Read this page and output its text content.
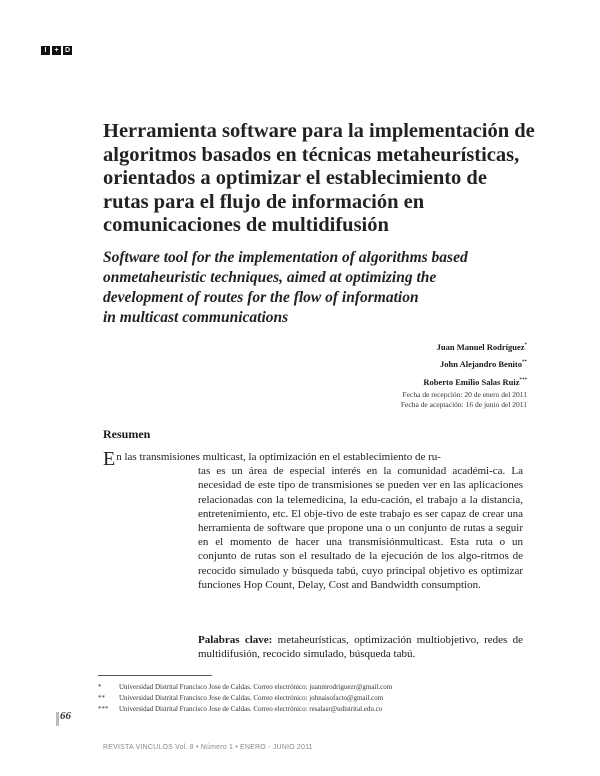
I	+ D
Herramienta software para la implementación de
algoritmos basados en técnicas metaheurísticas,
orientados a optimizar el establecimiento de
rutas para el flujo de información en
comunicaciones de multidifusión
Software tool for the implementation of algorithms based
onmetaheuristic techniques, aimed at optimizing the
development of routes for the flow of information
in multicast communications
Juan Manuel Rodríguez*
John Alejandro Benito**
Roberto Emilio Salas Ruiz***
Fecha de recepción: 20 de enero del 2011
Fecha de aceptación: 16 de junio del 2011
Resumen
En las transmisiones multicast, la optimización en el establecimiento de ru-
tas es un área de especial interés en la comunidad académi-ca. La necesidad de este tipo de transmisiones se pueden ver en las aplicaciones relacionadas con la telemedicina, la edu-cación, el trabajo a la distancia, entretenimiento, etc. El obje-tivo de este trabajo es ser capaz de crear una herramienta de software que propone una o un conjunto de rutas a seguir en el momento de hacer una transmisiónmulticast. Esta ruta o un conjunto de rutas son el resultado de la ejecución de los algo-ritmos de recocido simulado y búsqueda tabú, cuyo principal objetivo es optimizar funciones Hop Count, Delay, Cost and Bandwidth consumption.
Palabras clave: metaheurísticas, optimización multiobjetivo, redes de multidifusión, recocido simulado, búsqueda tabú.
*	Universidad Distrital Francisco Jose de Caldas. Correo electrónico: juanmrodriguezr@gmail.com
**	Universidad Distrital Francisco Jose de Caldas. Correo electrónico: johnaisofacto@gmail.com
***	Universidad Distrital Francisco Jose de Caldas. Correo electrónico: resalasr@udistrital.edu.co
66
REVISTA VINCULOS Vol. 8 • Número 1 • ENERO - JUNIO 2011
